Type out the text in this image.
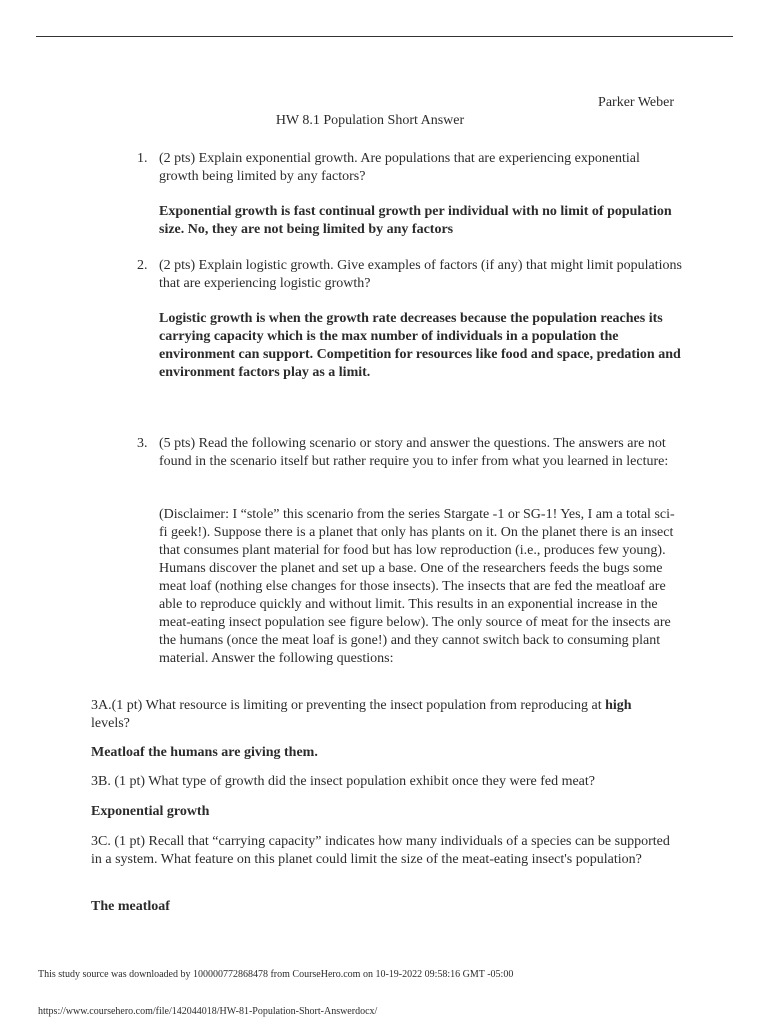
Parker Weber
HW 8.1 Population Short Answer
1. (2 pts) Explain exponential growth. Are populations that are experiencing exponential growth being limited by any factors?
Exponential growth is fast continual growth per individual with no limit of population size. No, they are not being limited by any factors
2. (2 pts) Explain logistic growth. Give examples of factors (if any) that might limit populations that are experiencing logistic growth?
Logistic growth is when the growth rate decreases because the population reaches its carrying capacity which is the max number of individuals in a population the environment can support. Competition for resources like food and space, predation and environment factors play as a limit.
3. (5 pts) Read the following scenario or story and answer the questions. The answers are not found in the scenario itself but rather require you to infer from what you learned in lecture:
(Disclaimer: I “stole” this scenario from the series Stargate -1 or SG-1! Yes, I am a total sci-fi geek!). Suppose there is a planet that only has plants on it. On the planet there is an insect that consumes plant material for food but has low reproduction (i.e., produces few young). Humans discover the planet and set up a base. One of the researchers feeds the bugs some meat loaf (nothing else changes for those insects). The insects that are fed the meatloaf are able to reproduce quickly and without limit. This results in an exponential increase in the meat-eating insect population see figure below). The only source of meat for the insects are the humans (once the meat loaf is gone!) and they cannot switch back to consuming plant material. Answer the following questions:
3A.(1 pt) What resource is limiting or preventing the insect population from reproducing at high levels?
Meatloaf the humans are giving them.
3B. (1 pt) What type of growth did the insect population exhibit once they were fed meat?
Exponential growth
3C. (1 pt) Recall that “carrying capacity” indicates how many individuals of a species can be supported in a system. What feature on this planet could limit the size of the meat-eating insect's population?
The meatloaf
This study source was downloaded by 100000772868478 from CourseHero.com on 10-19-2022 09:58:16 GMT -05:00
https://www.coursehero.com/file/142044018/HW-81-Population-Short-Answerdocx/
